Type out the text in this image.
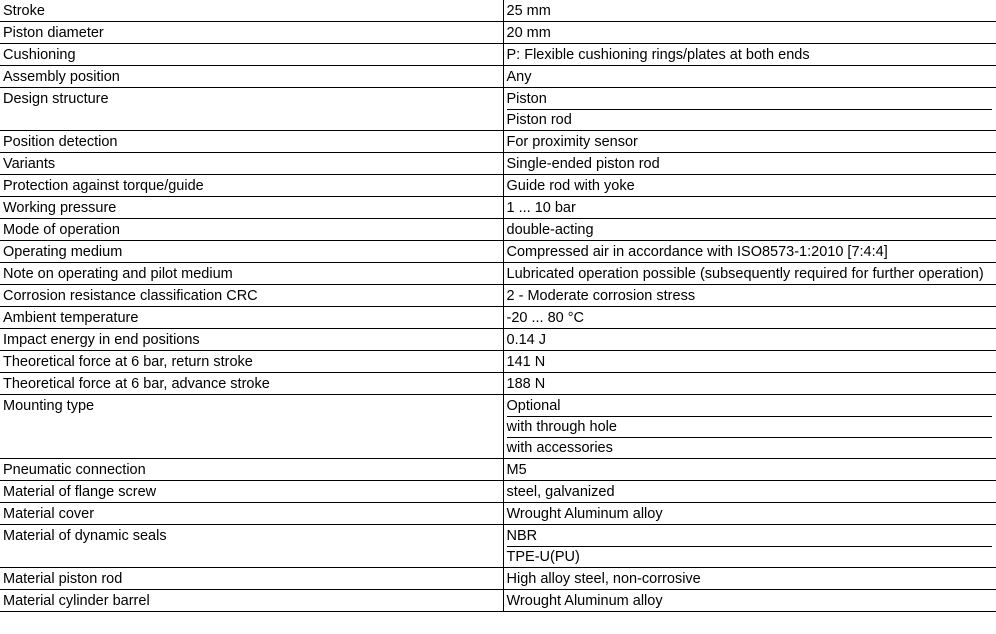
Stroke	25 mm

Piston diameter	20 mm

Cushioning	P: Flexible cushioning rings/plates at both ends

Assembly position	Any

Design structure	Piston
Piston rod

Position detection	For proximity sensor

Variants	Single-ended piston rod

Protection against torque/guide	Guide rod with yoke

Working pressure	1 ... 10 bar

Mode of operation	double-acting

Operating medium	Compressed air in accordance with ISO8573-1:2010 [7:4:4]

Note on operating and pilot medium	Lubricated operation possible (subsequently required for further operation)

Corrosion resistance classification CRC	2 - Moderate corrosion stress

Ambient temperature	-20 ... 80 °C

Impact energy in end positions	0.14 J

Theoretical force at 6 bar, return stroke	141 N

Theoretical force at 6 bar, advance stroke	188 N

Mounting type	Optional
with through hole
with accessories

Pneumatic connection	M5

Material of flange screw	steel, galvanized

Material cover	Wrought Aluminum alloy

Material of dynamic seals	NBR
TPE-U(PU)

Material piston rod	High alloy steel, non-corrosive

Material cylinder barrel	Wrought Aluminum alloy
